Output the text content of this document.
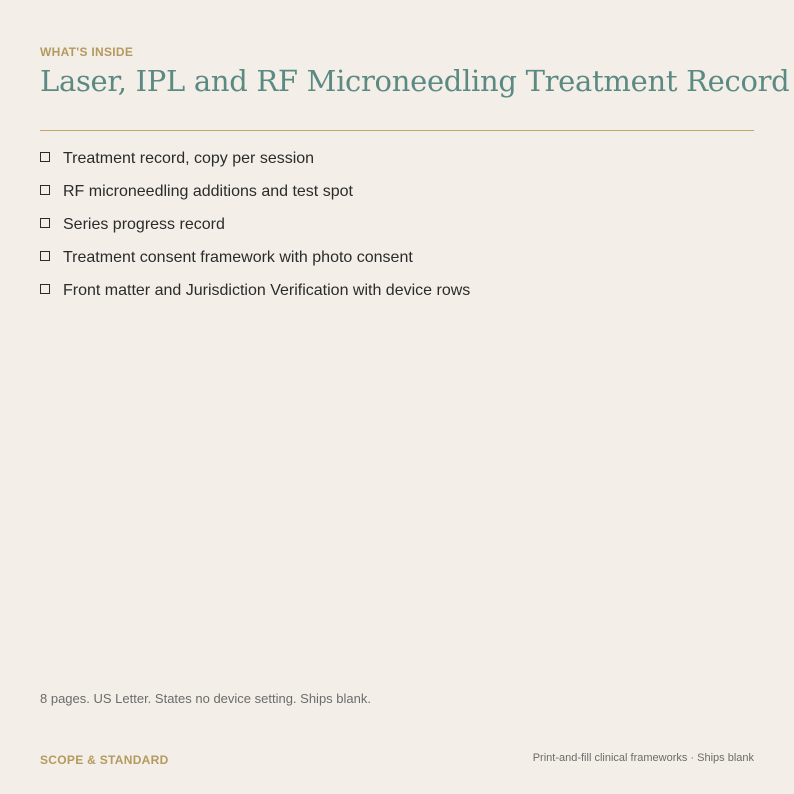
WHAT'S INSIDE
Laser, IPL and RF Microneedling Treatment Record
Treatment record, copy per session
RF microneedling additions and test spot
Series progress record
Treatment consent framework with photo consent
Front matter and Jurisdiction Verification with device rows
8 pages. US Letter. States no device setting. Ships blank.
SCOPE & STANDARD	Print-and-fill clinical frameworks · Ships blank
